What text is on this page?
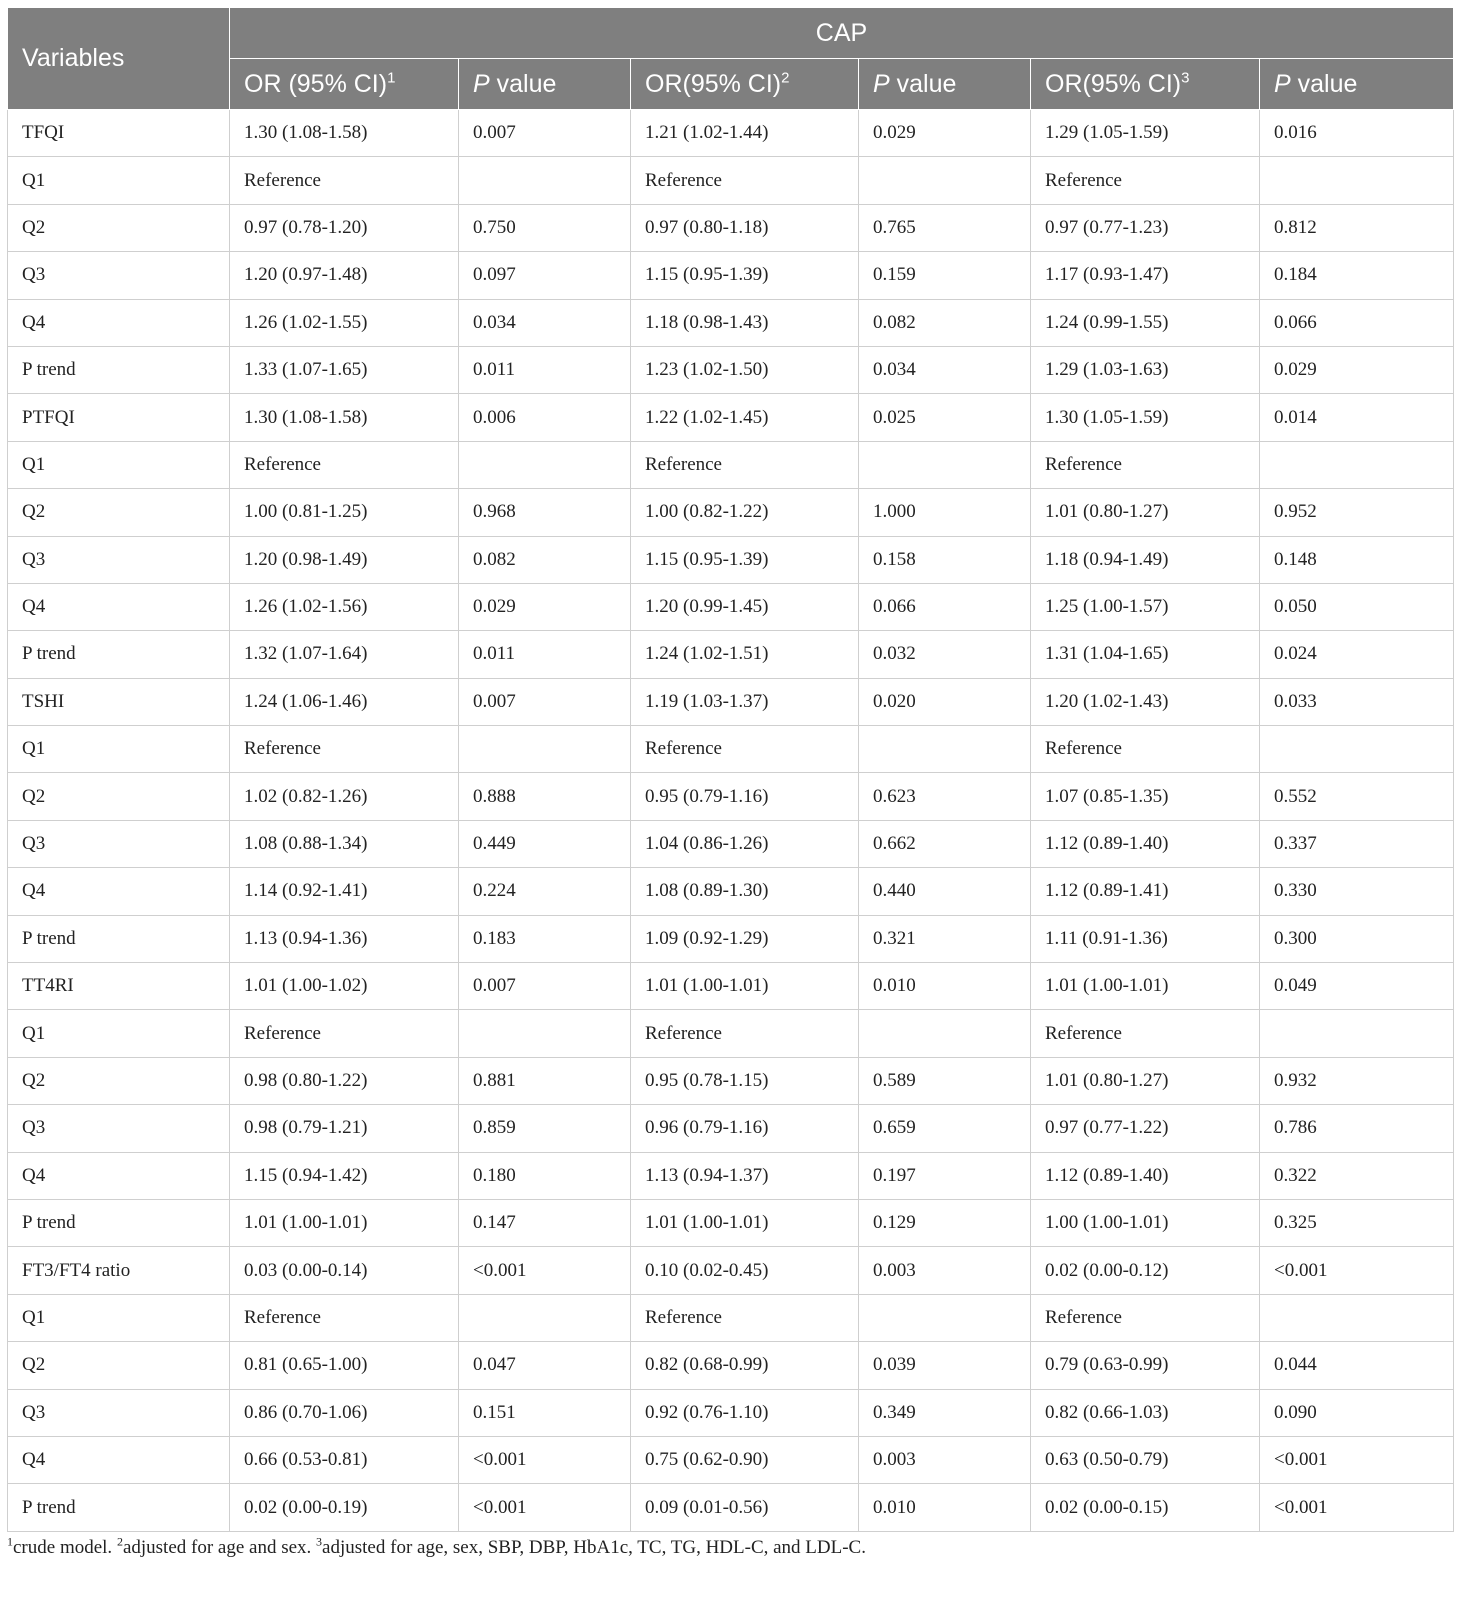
Variables	CAP					
	OR (95% CI)$^1$	P value	OR(95% CI)$^2$	P value	OR(95% CI)$^3$	P value
TFQI	1.30 (1.08-1.58)	0.007	1.21 (1.02-1.44)	0.029	1.29 (1.05-1.59)	0.016
Q1	Reference		Reference		Reference	
Q2	0.97 (0.78-1.20)	0.750	0.97 (0.80-1.18)	0.765	0.97 (0.77-1.23)	0.812
Q3	1.20 (0.97-1.48)	0.097	1.15 (0.95-1.39)	0.159	1.17 (0.93-1.47)	0.184
Q4	1.26 (1.02-1.55)	0.034	1.18 (0.98-1.43)	0.082	1.24 (0.99-1.55)	0.066
P trend	1.33 (1.07-1.65)	0.011	1.23 (1.02-1.50)	0.034	1.29 (1.03-1.63)	0.029
PTFQI	1.30 (1.08-1.58)	0.006	1.22 (1.02-1.45)	0.025	1.30 (1.05-1.59)	0.014
Q1	Reference		Reference		Reference	
Q2	1.00 (0.81-1.25)	0.968	1.00 (0.82-1.22)	1.000	1.01 (0.80-1.27)	0.952
Q3	1.20 (0.98-1.49)	0.082	1.15 (0.95-1.39)	0.158	1.18 (0.94-1.49)	0.148
Q4	1.26 (1.02-1.56)	0.029	1.20 (0.99-1.45)	0.066	1.25 (1.00-1.57)	0.050
P trend	1.32 (1.07-1.64)	0.011	1.24 (1.02-1.51)	0.032	1.31 (1.04-1.65)	0.024
TSHI	1.24 (1.06-1.46)	0.007	1.19 (1.03-1.37)	0.020	1.20 (1.02-1.43)	0.033
Q1	Reference		Reference		Reference	
Q2	1.02 (0.82-1.26)	0.888	0.95 (0.79-1.16)	0.623	1.07 (0.85-1.35)	0.552
Q3	1.08 (0.88-1.34)	0.449	1.04 (0.86-1.26)	0.662	1.12 (0.89-1.40)	0.337
Q4	1.14 (0.92-1.41)	0.224	1.08 (0.89-1.30)	0.440	1.12 (0.89-1.41)	0.330
P trend	1.13 (0.94-1.36)	0.183	1.09 (0.92-1.29)	0.321	1.11 (0.91-1.36)	0.300
TT4RI	1.01 (1.00-1.02)	0.007	1.01 (1.00-1.01)	0.010	1.01 (1.00-1.01)	0.049
Q1	Reference		Reference		Reference	
Q2	0.98 (0.80-1.22)	0.881	0.95 (0.78-1.15)	0.589	1.01 (0.80-1.27)	0.932
Q3	0.98 (0.79-1.21)	0.859	0.96 (0.79-1.16)	0.659	0.97 (0.77-1.22)	0.786
Q4	1.15 (0.94-1.42)	0.180	1.13 (0.94-1.37)	0.197	1.12 (0.89-1.40)	0.322
P trend	1.01 (1.00-1.01)	0.147	1.01 (1.00-1.01)	0.129	1.00 (1.00-1.01)	0.325
FT3/FT4 ratio	0.03 (0.00-0.14)	<0.001	0.10 (0.02-0.45)	0.003	0.02 (0.00-0.12)	<0.001
Q1	Reference		Reference		Reference	
Q2	0.81 (0.65-1.00)	0.047	0.82 (0.68-0.99)	0.039	0.79 (0.63-0.99)	0.044
Q3	0.86 (0.70-1.06)	0.151	0.92 (0.76-1.10)	0.349	0.82 (0.66-1.03)	0.090
Q4	0.66 (0.53-0.81)	<0.001	0.75 (0.62-0.90)	0.003	0.63 (0.50-0.79)	<0.001
P trend	0.02 (0.00-0.19)	<0.001	0.09 (0.01-0.56)	0.010	0.02 (0.00-0.15)	<0.001
$^1$crude model. $^2$adjusted for age and sex. $^3$adjusted for age, sex, SBP, DBP, HbA1c, TC, TG, HDL-C, and LDL-C.
